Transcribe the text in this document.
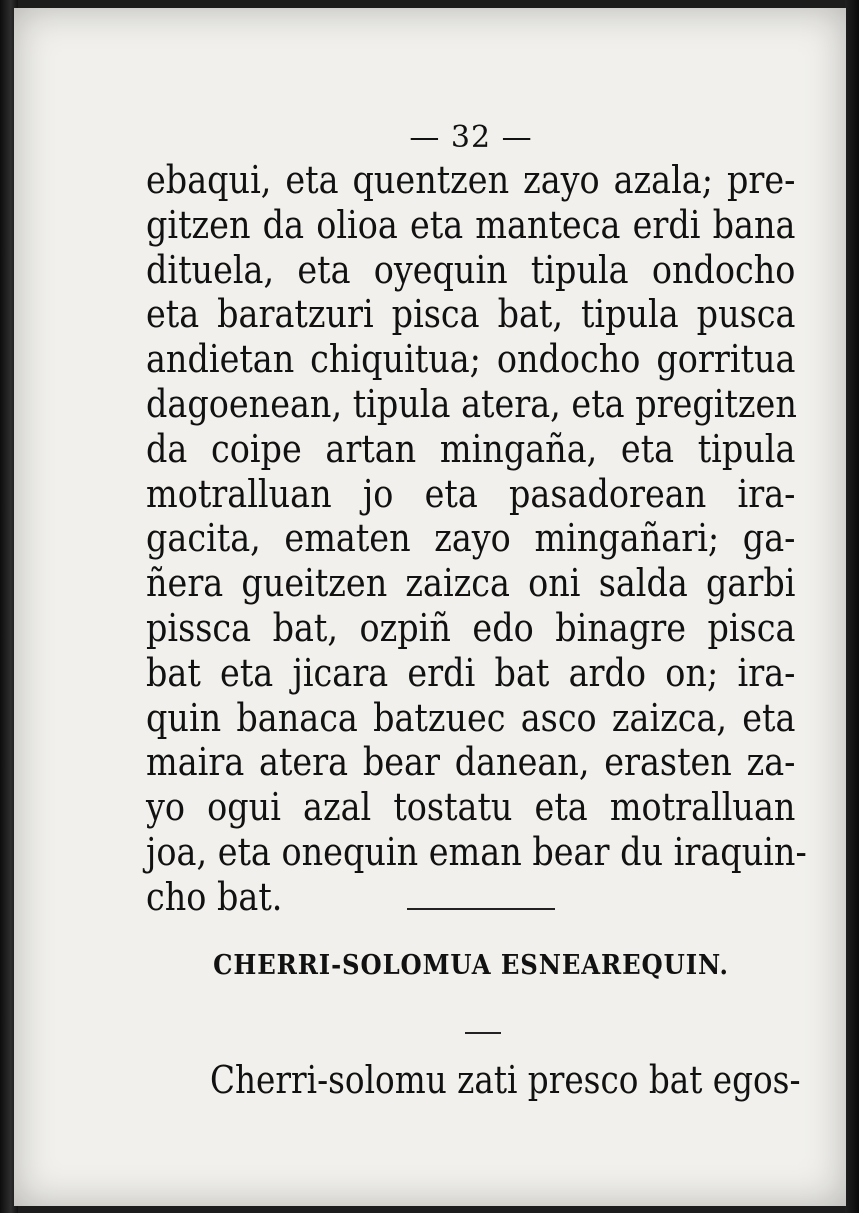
— 32 —
ebaqui, eta quentzen zayo azala; pre-
gitzen da olioa eta manteca erdi bana
dituela, eta oyequin tipula ondocho
eta baratzuri pisca bat, tipula pusca
andietan chiquitua; ondocho gorritua
dagoenean, tipula atera, eta pregitzen
da coipe artan mingaña, eta tipula
motralluan jo eta pasadorean ira-
gacita, ematen zayo mingañari; ga-
ñera gueitzen zaizca oni salda garbi
pissca bat, ozpiñ edo binagre pisca
bat eta jicara erdi bat ardo on; ira-
quin banaca batzuec asco zaizca, eta
maira atera bear danean, erasten za-
yo ogui azal tostatu eta motralluan
joa, eta onequin eman bear du iraquin-
cho bat.
CHERRI-SOLOMUA ESNEAREQUIN.
Cherri-solomu zati presco bat egos-
